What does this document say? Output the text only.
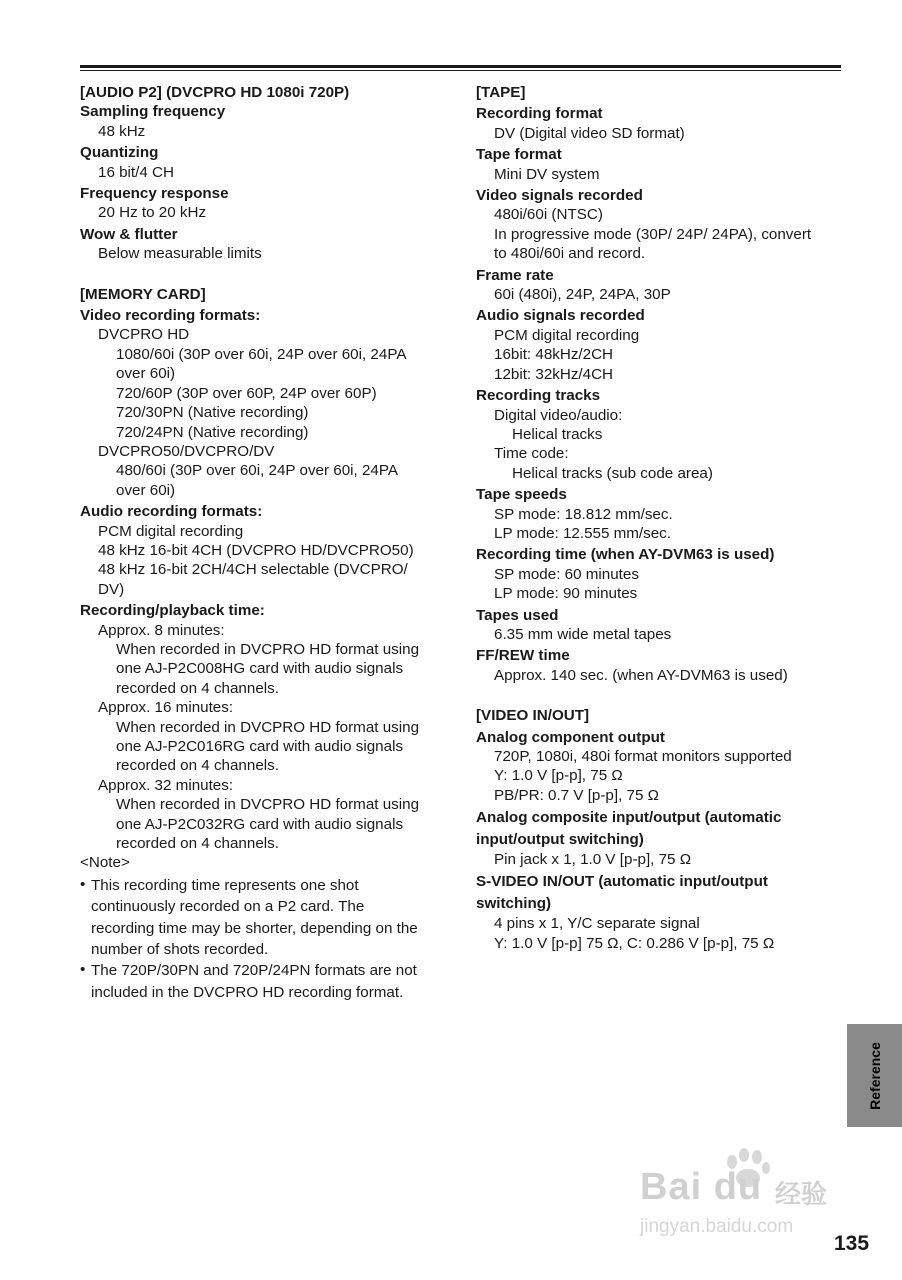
[AUDIO P2] (DVCPRO HD 1080i 720P)
Sampling frequency
48 kHz
Quantizing
16 bit/4 CH
Frequency response
20 Hz to 20 kHz
Wow & flutter
Below measurable limits
[MEMORY CARD]
Video recording formats:
DVCPRO HD
1080/60i (30P over 60i, 24P over 60i, 24PA
over 60i)
720/60P (30P over 60P, 24P over 60P)
720/30PN (Native recording)
720/24PN (Native recording)
DVCPRO50/DVCPRO/DV
480/60i (30P over 60i, 24P over 60i, 24PA
over 60i)
Audio recording formats:
PCM digital recording
48 kHz 16-bit 4CH (DVCPRO HD/DVCPRO50)
48 kHz 16-bit 2CH/4CH selectable (DVCPRO/
DV)
Recording/playback time:
Approx. 8 minutes:
When recorded in DVCPRO HD format using
one AJ-P2C008HG card with audio signals
recorded on 4 channels.
Approx. 16 minutes:
When recorded in DVCPRO HD format using
one AJ-P2C016RG card with audio signals
recorded on 4 channels.
Approx. 32 minutes:
When recorded in DVCPRO HD format using
one AJ-P2C032RG card with audio signals
recorded on 4 channels.
<Note>
• This recording time represents one shot
continuously recorded on a P2 card. The
recording time may be shorter, depending on the
number of shots recorded.
• The 720P/30PN and 720P/24PN formats are not
included in the DVCPRO HD recording format.
[TAPE]
Recording format
DV (Digital video SD format)
Tape format
Mini DV system
Video signals recorded
480i/60i (NTSC)
In progressive mode (30P/ 24P/ 24PA), convert
to 480i/60i and record.
Frame rate
60i (480i), 24P, 24PA, 30P
Audio signals recorded
PCM digital recording
16bit: 48kHz/2CH
12bit: 32kHz/4CH
Recording tracks
Digital video/audio:
Helical tracks
Time code:
Helical tracks (sub code area)
Tape speeds
SP mode: 18.812 mm/sec.
LP mode: 12.555 mm/sec.
Recording time (when AY-DVM63 is used)
SP mode: 60 minutes
LP mode: 90 minutes
Tapes used
6.35 mm wide metal tapes
FF/REW time
Approx. 140 sec. (when AY-DVM63 is used)
[VIDEO IN/OUT]
Analog component output
720P, 1080i, 480i format monitors supported
Y: 1.0 V [p-p], 75 Ω
PB/PR: 0.7 V [p-p], 75 Ω
Analog composite input/output (automatic
input/output switching)
Pin jack x 1, 1.0 V [p-p], 75 Ω
S-VIDEO IN/OUT (automatic input/output
switching)
4 pins x 1, Y/C separate signal
Y: 1.0 V [p-p] 75 Ω, C: 0.286 V [p-p], 75 Ω
Reference
Bai du 经验
jingyan.baidu.com
135
